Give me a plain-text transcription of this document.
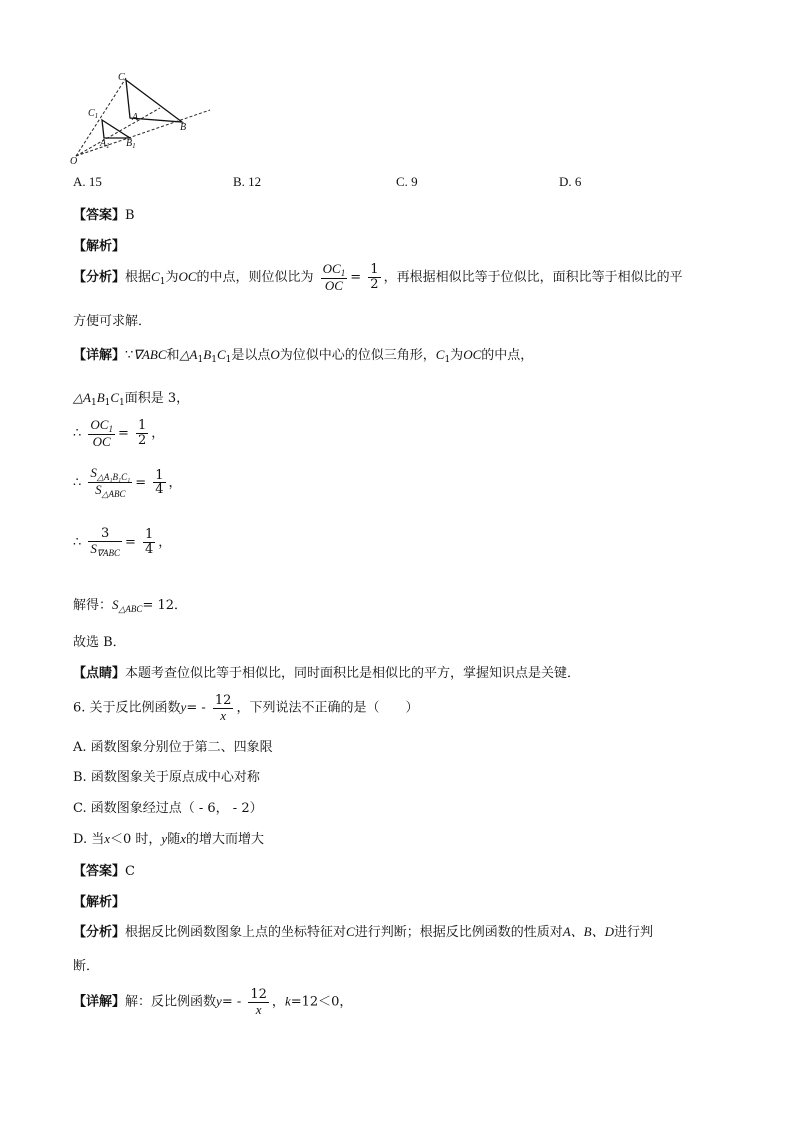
C
$C_1$	A
$A_1$
B
$B_1$
O
A. 15	B. 12	C. 9	D. 6
【答案】B
【解析】
【分析】根据$C_1$为OC的中点，则位似比为 $\frac{OC_1}{OC} = \frac{1}{2}$ ，再根据相似比等于位似比，面积比等于相似比的平
方便可求解．
【详解】∵∇ABC和$\triangle A_1B_1C_1$是以点O为位似中心的位似三角形，$C_1$为OC的中点，
$\triangle A_1B_1C_1$面积是 3，
∴ $\frac{OC_1}{OC} = \frac{1}{2}$ ，
∴ $\frac{S_{\triangle A_1B_1C_1}}{S_{\triangle ABC}} = \frac{1}{4}$ ，
∴ $\frac{3}{S_{\nabla ABC}} = \frac{1}{4}$ ，
解得：$S_{\triangle ABC}= 12$．
故选 B．
【点睛】本题考查位似比等于相似比，同时面积比是相似比的平方，掌握知识点是关键．
6. 关于反比例函数$y= - \frac{12}{x}$ ，下列说法不正确的是（　　）
A. 函数图象分别位于第二、四象限
B. 函数图象关于原点成中心对称
C. 函数图象经过点（ - 6， - 2）
D. 当x＜0 时，y随x的增大而增大
【答案】C
【解析】
【分析】根据反比例函数图象上点的坐标特征对C进行判断；根据反比例函数的性质对A、B、D进行判
断．
【详解】解：反比例函数$y= - \frac{12}{x}$ ，k=12＜0，
